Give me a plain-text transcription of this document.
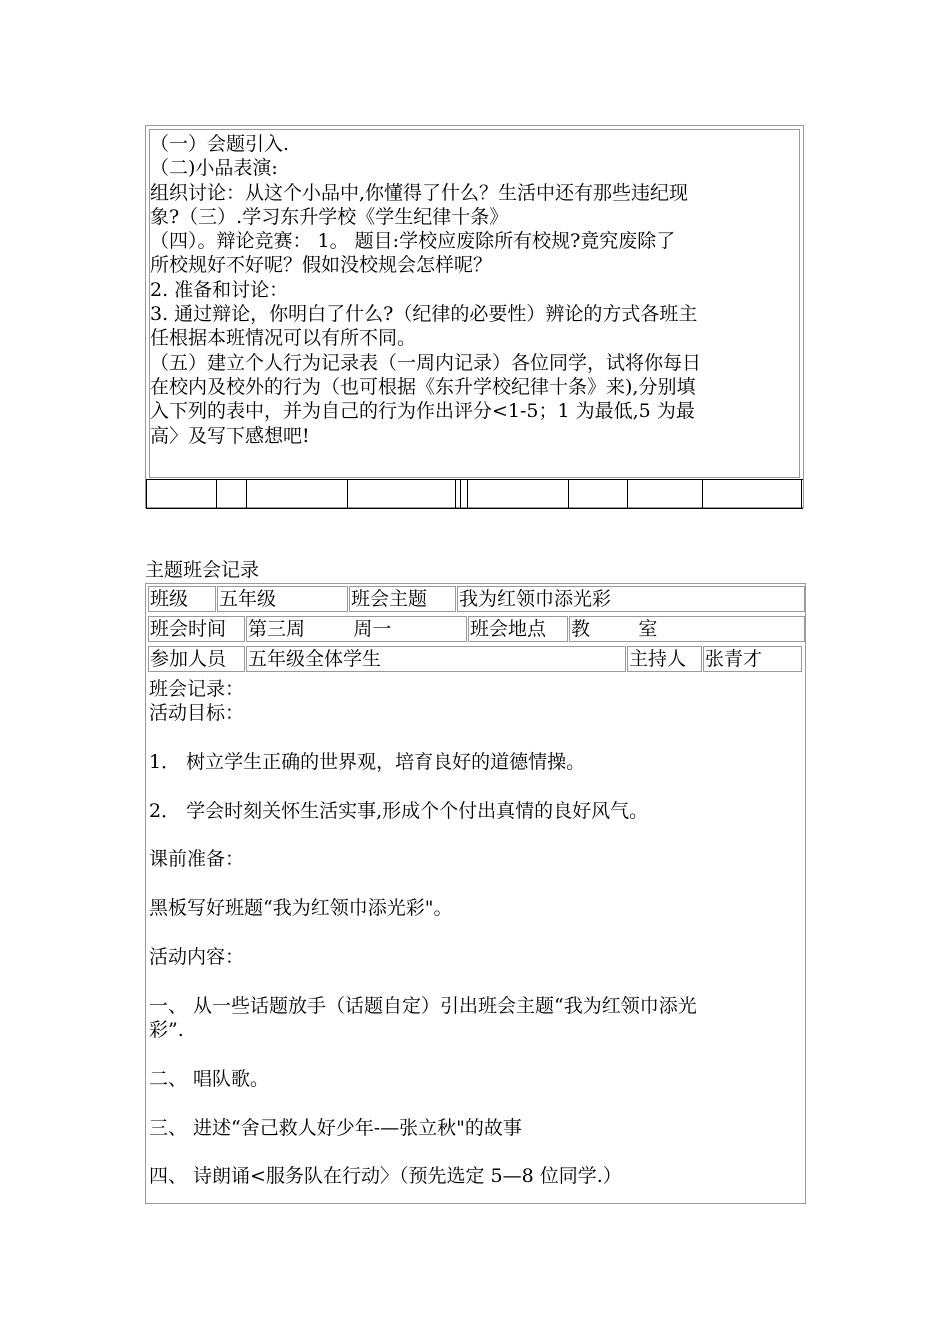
（一）会题引入.
（二)小品表演:
组织讨论：从这个小品中,你懂得了什么？生活中还有那些违纪现
象?（三）.学习东升学校《学生纪律十条》
（四）。辩论竞赛： 1。 题目:学校应废除所有校规?竟究废除了
所校规好不好呢？假如没校规会怎样呢？
2. 准备和讨论：
3. 通过辩论，你明白了什么?（纪律的必要性）辨论的方式各班主
任根据本班情况可以有所不同。
（五）建立个人行为记录表（一周内记录）各位同学，试将你每日
在校内及校外的行为（也可根据《东升学校纪律十条》来),分别填
入下列的表中，并为自己的行为作出评分<1-5；1 为最低,5 为最
高〉及写下感想吧!
主题班会记录
班级	五年级	班会主题	我为红领巾添光彩
班会时间	第三周        周一	班会地点	教        室
参加人员	五年级全体学生	主持人 张青才
班会记录：
活动目标：
1． 树立学生正确的世界观，培育良好的道德情操。
2． 学会时刻关怀生活实事,形成个个付出真情的良好风气。
课前准备：
黑板写好班题“我为红领巾添光彩"。
活动内容：
一、 从一些话题放手（话题自定）引出班会主题“我为红领巾添光
彩”.
二、 唱队歌。
三、 进述“舍己救人好少年-—张立秋"的故事
四、 诗朗诵<服务队在行动〉（预先选定 5—8 位同学.）
